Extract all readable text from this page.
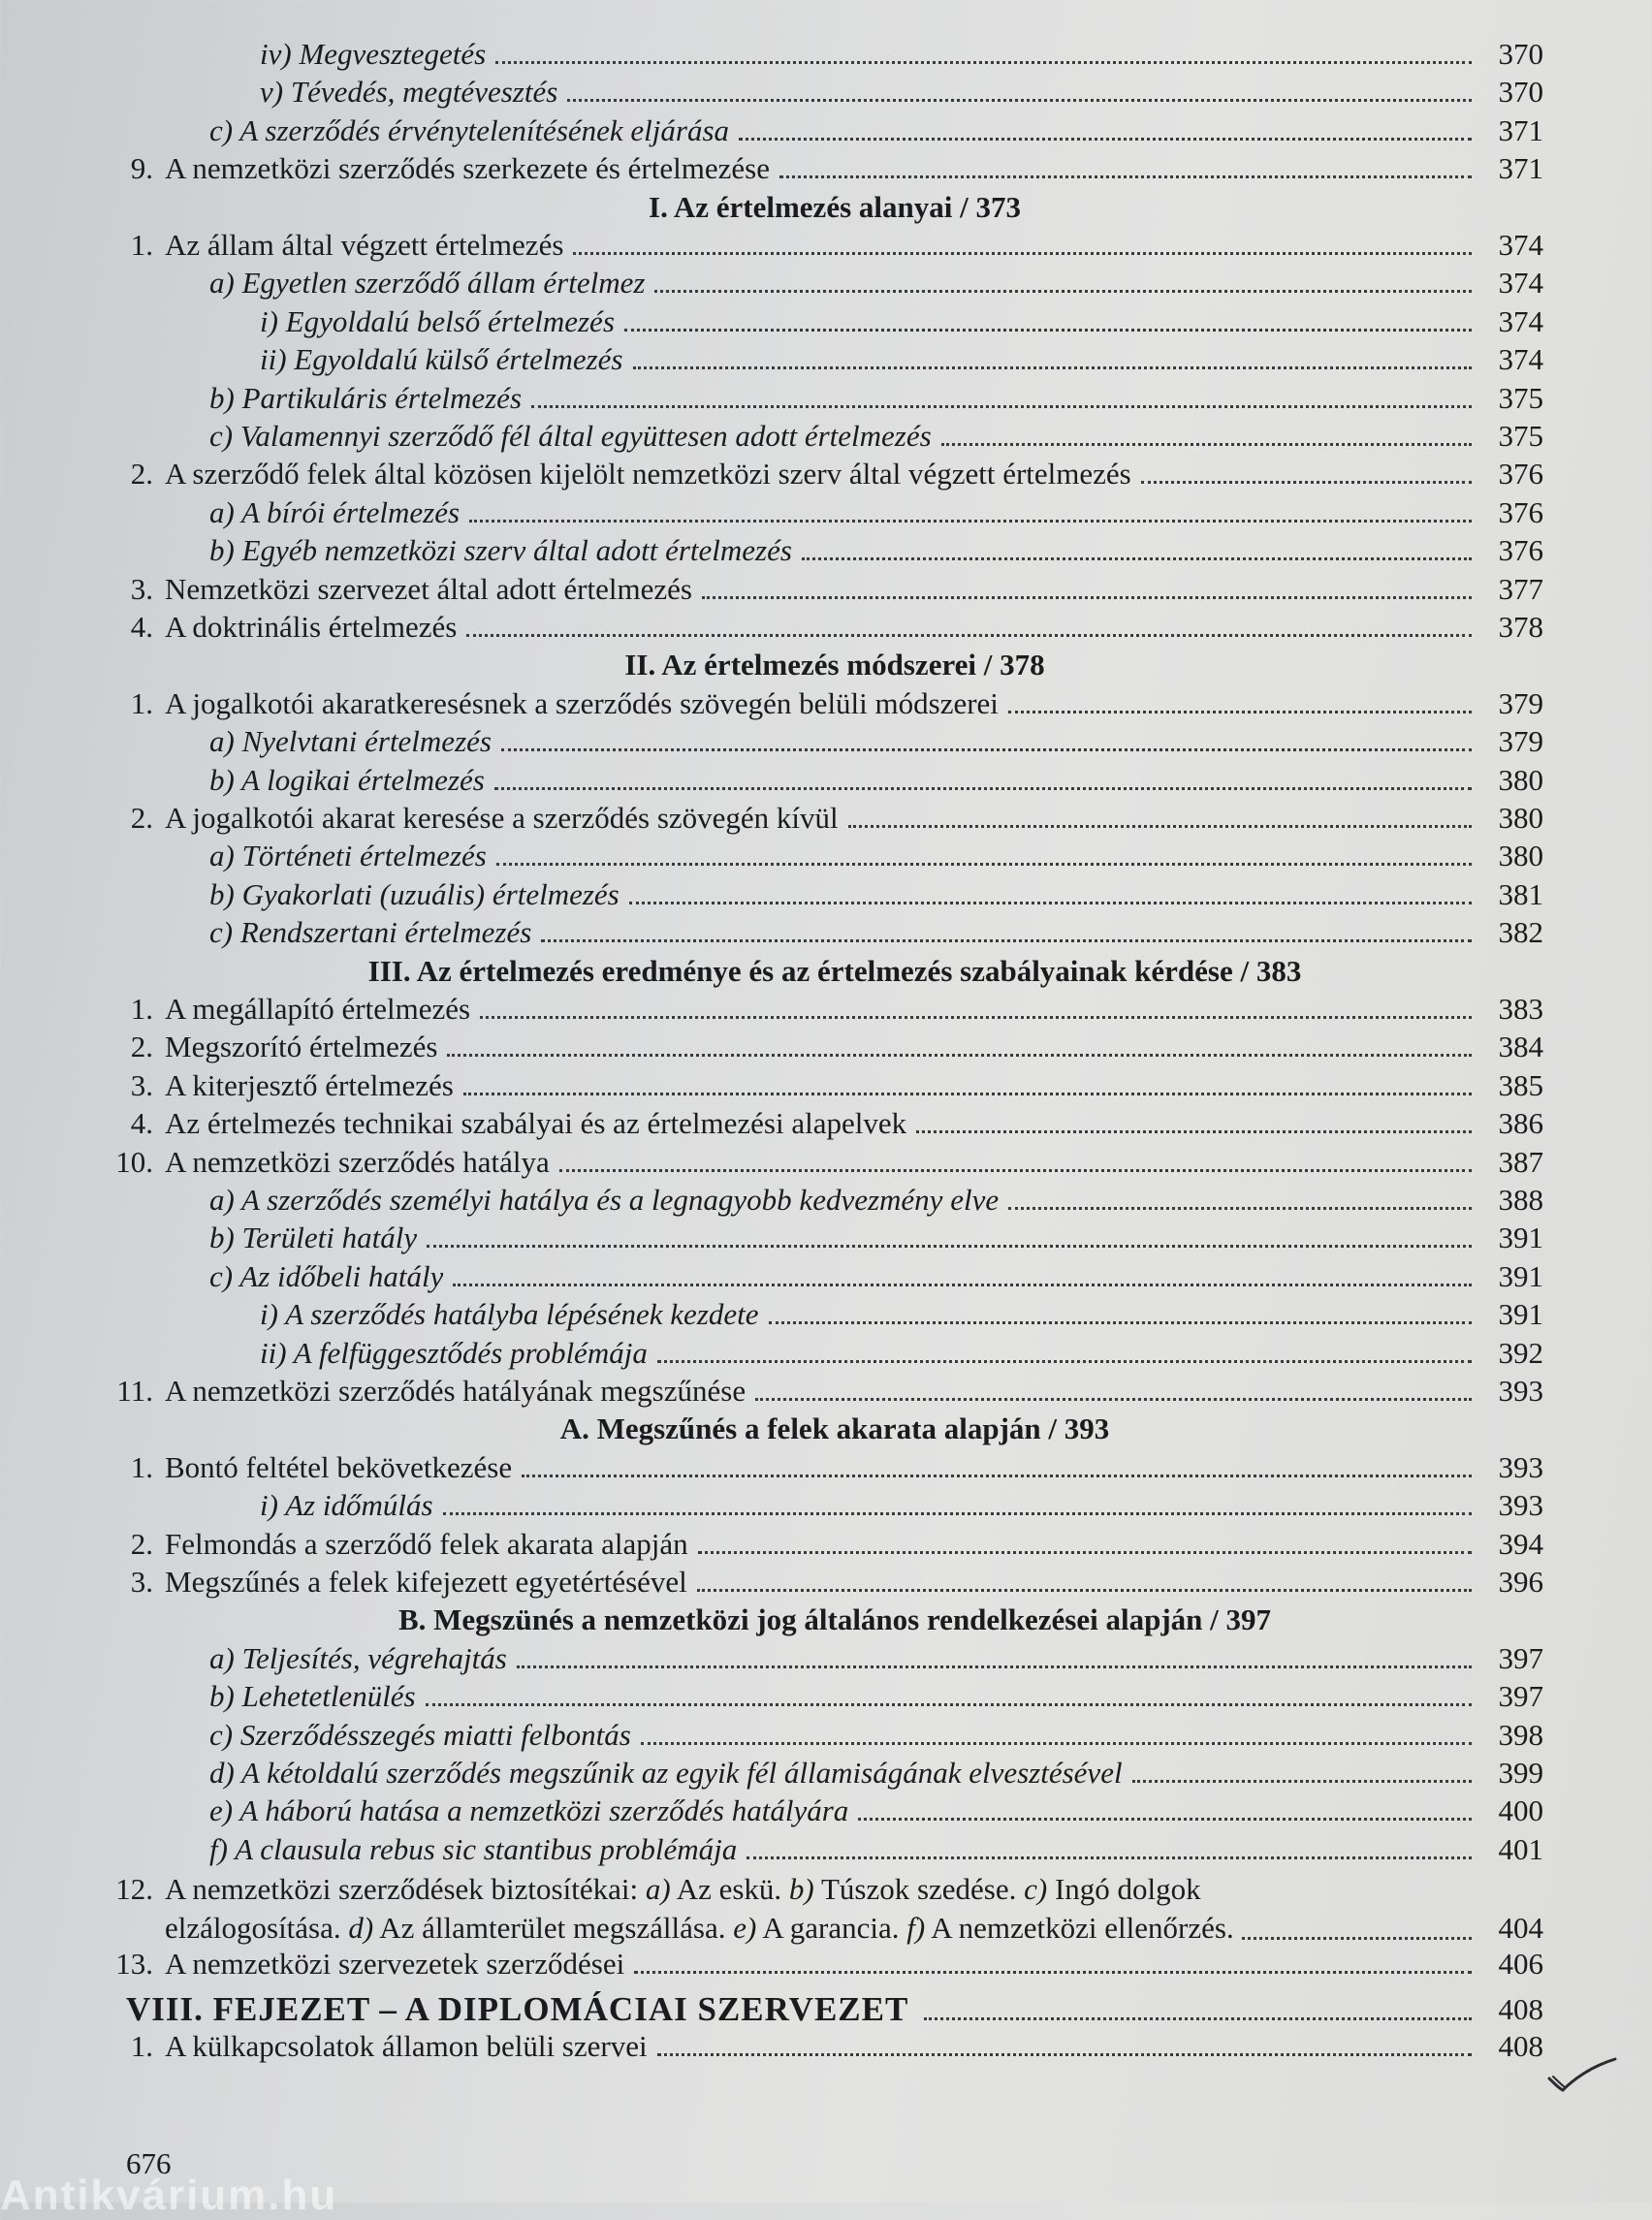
iv) Megvesztegetés	370
v) Tévedés, megtévesztés	370
c) A szerződés érvénytelenítésének eljárása	371
9. A nemzetközi szerződés szerkezete és értelmezése	371
I. Az értelmezés alanyai / 373
1. Az állam által végzett értelmezés	374
a) Egyetlen szerződő állam értelmez	374
i) Egyoldalú belső értelmezés	374
ii) Egyoldalú külső értelmezés	374
b) Partikuláris értelmezés	375
c) Valamennyi szerződő fél által együttesen adott értelmezés	375
2. A szerződő felek által közösen kijelölt nemzetközi szerv által végzett értelmezés	376
a) A bírói értelmezés	376
b) Egyéb nemzetközi szerv által adott értelmezés	376
3. Nemzetközi szervezet által adott értelmezés	377
4. A doktrinális értelmezés	378
II. Az értelmezés módszerei / 378
1. A jogalkotói akaratkeresésnek a szerződés szövegén belüli módszerei	379
a) Nyelvtani értelmezés	379
b) A logikai értelmezés	380
2. A jogalkotói akarat keresése a szerződés szövegén kívül	380
a) Történeti értelmezés	380
b) Gyakorlati (uzuális) értelmezés	381
c) Rendszertani értelmezés	382
III. Az értelmezés eredménye és az értelmezés szabályainak kérdése / 383
1. A megállapító értelmezés	383
2. Megszorító értelmezés	384
3. A kiterjesztő értelmezés	385
4. Az értelmezés technikai szabályai és az értelmezési alapelvek	386
10. A nemzetközi szerződés hatálya	387
a) A szerződés személyi hatálya és a legnagyobb kedvezmény elve	388
b) Területi hatály	391
c) Az időbeli hatály	391
i) A szerződés hatályba lépésének kezdete	391
ii) A felfüggesztődés problémája	392
11. A nemzetközi szerződés hatályának megszűnése	393
A. Megszűnés a felek akarata alapján / 393
1. Bontó feltétel bekövetkezése	393
i) Az időmúlás	393
2. Felmondás a szerződő felek akarata alapján	394
3. Megszűnés a felek kifejezett egyetértésével	396
B. Megszünés a nemzetközi jog általános rendelkezései alapján / 397
a) Teljesítés, végrehajtás	397
b) Lehetetlenülés	397
c) Szerződésszegés miatti felbontás	398
d) A kétoldalú szerződés megszűnik az egyik fél államiságának elvesztésével	399
e) A háború hatása a nemzetközi szerződés hatályára	400
f) A clausula rebus sic stantibus problémája	401
12. A nemzetközi szerződések biztosítékai: a) Az eskü. b) Túszok szedése. c) Ingó dolgok
elzálogosítása. d) Az államterület megszállása. e) A garancia. f) A nemzetközi ellenőrzés.	404
13. A nemzetközi szervezetek szerződései	406
VIII. FEJEZET – A DIPLOMÁCIAI SZERVEZET	408
1. A külkapcsolatok államon belüli szervei	408
676
Antikvárium.hu
